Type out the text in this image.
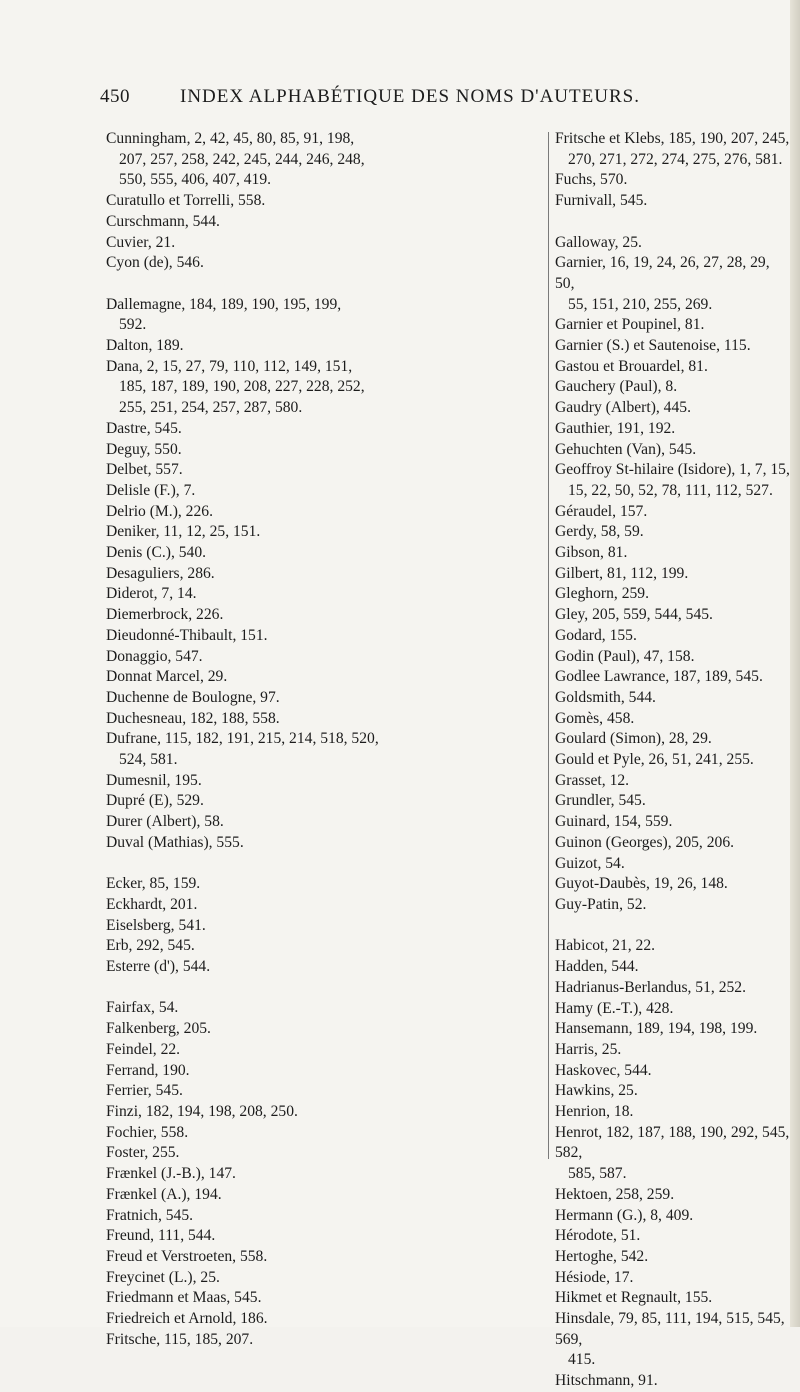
450	INDEX ALPHABÉTIQUE DES NOMS D'AUTEURS.
Cunningham, 2, 42, 45, 80, 85, 91, 198,
207, 257, 258, 242, 245, 244, 246, 248,
550, 555, 406, 407, 419.
Curatullo et Torrelli, 558.
Curschmann, 544.
Cuvier, 21.
Cyon (de), 546.
Dallemagne, 184, 189, 190, 195, 199,
592.
Dalton, 189.
Dana, 2, 15, 27, 79, 110, 112, 149, 151,
185, 187, 189, 190, 208, 227, 228, 252,
255, 251, 254, 257, 287, 580.
Dastre, 545.
Deguy, 550.
Delbet, 557.
Delisle (F.), 7.
Delrio (M.), 226.
Deniker, 11, 12, 25, 151.
Denis (C.), 540.
Desaguliers, 286.
Diderot, 7, 14.
Diemerbrock, 226.
Dieudonné-Thibault, 151.
Donaggio, 547.
Donnat Marcel, 29.
Duchenne de Boulogne, 97.
Duchesneau, 182, 188, 558.
Dufrane, 115, 182, 191, 215, 214, 518, 520,
524, 581.
Dumesnil, 195.
Dupré (E), 529.
Durer (Albert), 58.
Duval (Mathias), 555.
Ecker, 85, 159.
Eckhardt, 201.
Eiselsberg, 541.
Erb, 292, 545.
Esterre (d'), 544.
Fairfax, 54.
Falkenberg, 205.
Feindel, 22.
Ferrand, 190.
Ferrier, 545.
Finzi, 182, 194, 198, 208, 250.
Fochier, 558.
Foster, 255.
Frænkel (J.-B.), 147.
Frænkel (A.), 194.
Fratnich, 545.
Freund, 111, 544.
Freud et Verstroeten, 558.
Freycinet (L.), 25.
Friedmann et Maas, 545.
Friedreich et Arnold, 186.
Fritsche, 115, 185, 207.
Fritsche et Klebs, 185, 190, 207, 245,
270, 271, 272, 274, 275, 276, 581.
Fuchs, 570.
Furnivall, 545.
Galloway, 25.
Garnier, 16, 19, 24, 26, 27, 28, 29, 50,
55, 151, 210, 255, 269.
Garnier et Poupinel, 81.
Garnier (S.) et Sautenoise, 115.
Gastou et Brouardel, 81.
Gauchery (Paul), 8.
Gaudry (Albert), 445.
Gauthier, 191, 192.
Gehuchten (Van), 545.
Geoffroy St-hilaire (Isidore), 1, 7, 15,
15, 22, 50, 52, 78, 111, 112, 527.
Géraudel, 157.
Gerdy, 58, 59.
Gibson, 81.
Gilbert, 81, 112, 199.
Gleghorn, 259.
Gley, 205, 559, 544, 545.
Godard, 155.
Godin (Paul), 47, 158.
Godlee Lawrance, 187, 189, 545.
Goldsmith, 544.
Gomès, 458.
Goulard (Simon), 28, 29.
Gould et Pyle, 26, 51, 241, 255.
Grasset, 12.
Grundler, 545.
Guinard, 154, 559.
Guinon (Georges), 205, 206.
Guizot, 54.
Guyot-Daubès, 19, 26, 148.
Guy-Patin, 52.
Habicot, 21, 22.
Hadden, 544.
Hadrianus-Berlandus, 51, 252.
Hamy (E.-T.), 428.
Hansemann, 189, 194, 198, 199.
Harris, 25.
Haskovec, 544.
Hawkins, 25.
Henrion, 18.
Henrot, 182, 187, 188, 190, 292, 545, 582,
585, 587.
Hektoen, 258, 259.
Hermann (G.), 8, 409.
Hérodote, 51.
Hertoghe, 542.
Hésiode, 17.
Hikmet et Regnault, 155.
Hinsdale, 79, 85, 111, 194, 515, 545, 569,
415.
Hitschmann, 91.
